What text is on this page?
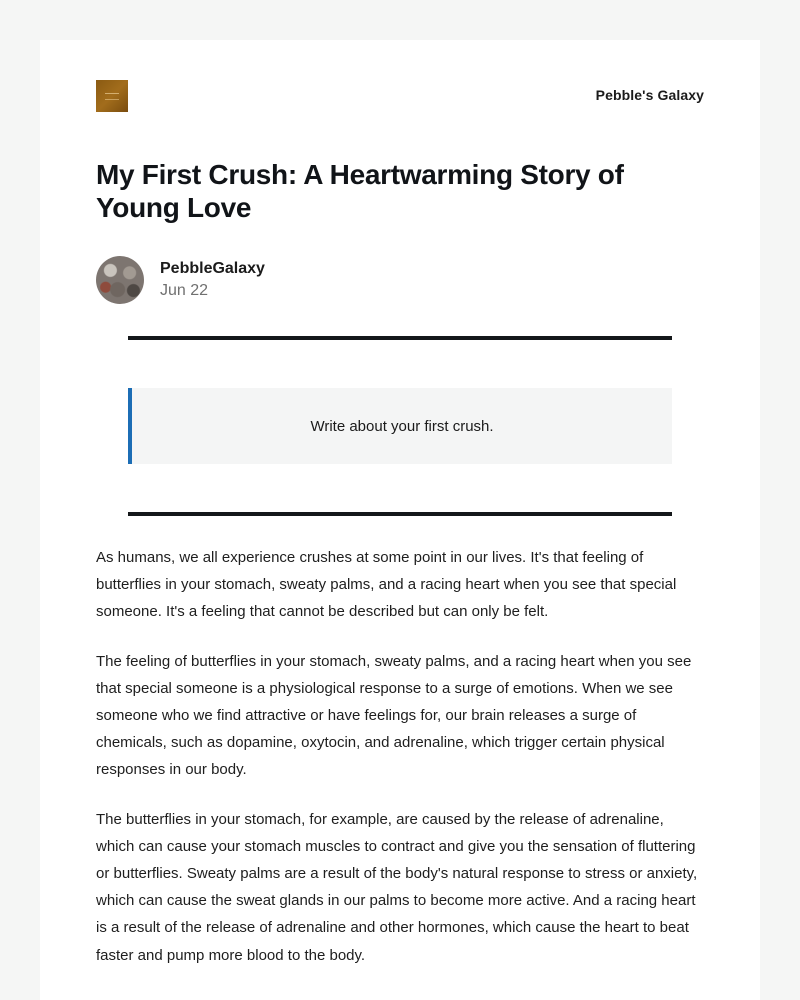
Pebble's Galaxy
My First Crush: A Heartwarming Story of Young Love
PebbleGalaxy
Jun 22
Write about your first crush.

As humans, we all experience crushes at some point in our lives. It's that feeling of butterflies in your stomach, sweaty palms, and a racing heart when you see that special someone. It's a feeling that cannot be described but can only be felt.

The feeling of butterflies in your stomach, sweaty palms, and a racing heart when you see that special someone is a physiological response to a surge of emotions. When we see someone who we find attractive or have feelings for, our brain releases a surge of chemicals, such as dopamine, oxytocin, and adrenaline, which trigger certain physical responses in our body.

The butterflies in your stomach, for example, are caused by the release of adrenaline, which can cause your stomach muscles to contract and give you the sensation of fluttering or butterflies. Sweaty palms are a result of the body's natural response to stress or anxiety, which can cause the sweat glands in our palms to become more active. And a racing heart is a result of the release of adrenaline and other hormones, which cause the heart to beat faster and pump more blood to the body.
